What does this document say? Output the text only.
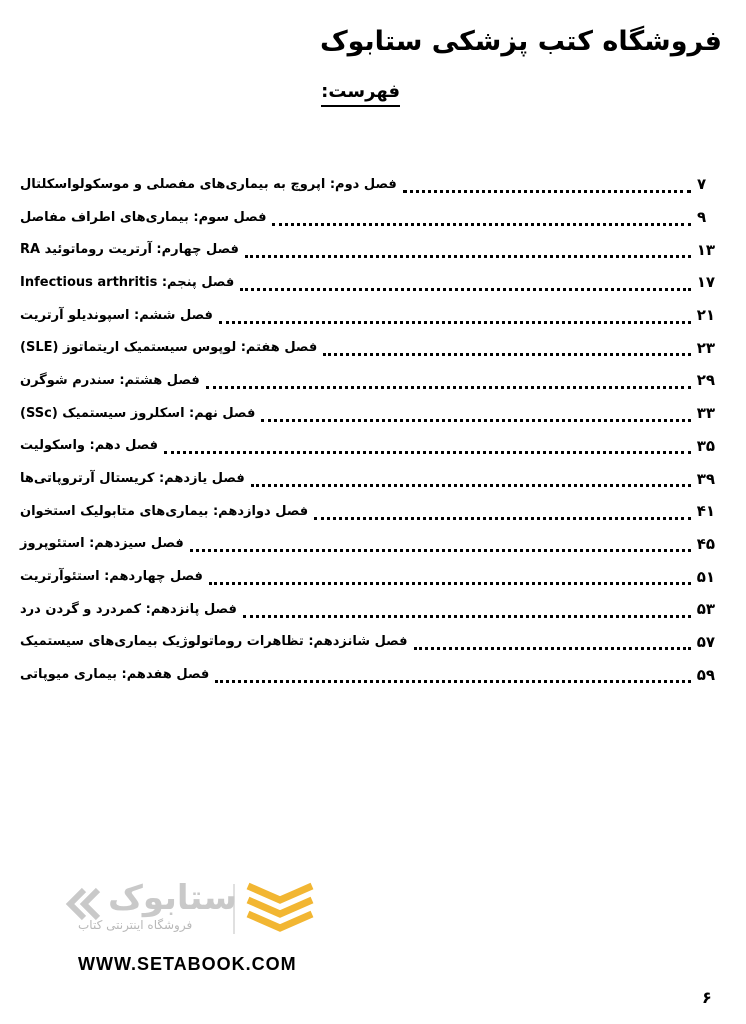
فروشگاه کتب پزشکی ستابوک
فهرست:
فصل دوم: اپروچ به بیماری‌های مفصلی و موسکولواسکلتال	۷
فصل سوم: بیماری‌های اطراف مفاصل	۹
فصل چهارم: آرتریت روماتوئید RA	۱۳
فصل پنجم: Infectious arthritis	۱۷
فصل ششم: اسپوندیلو آرتریت	۲۱
فصل هفتم: لوپوس سیستمیک اریتماتوز (SLE)	۲۳
فصل هشتم: سندرم شوگرن	۲۹
فصل نهم: اسکلروز سیستمیک (SSc)	۳۳
فصل دهم: واسکولیت	۳۵
فصل یازدهم: کریستال آرتروپاتی‌ها	۳۹
فصل دوازدهم: بیماری‌های متابولیک استخوان	۴۱
فصل سیزدهم: استئوپروز	۴۵
فصل چهاردهم: استئوآرتریت	۵۱
فصل پانزدهم: کمردرد و گردن درد	۵۳
فصل شانزدهم: تظاهرات روماتولوژیک بیماری‌های سیستمیک	۵۷
فصل هفدهم: بیماری میوپاتی	۵۹
ستابوک
فروشگاه اینترنتی کتاب
WWW.SETABOOK.COM
۶
